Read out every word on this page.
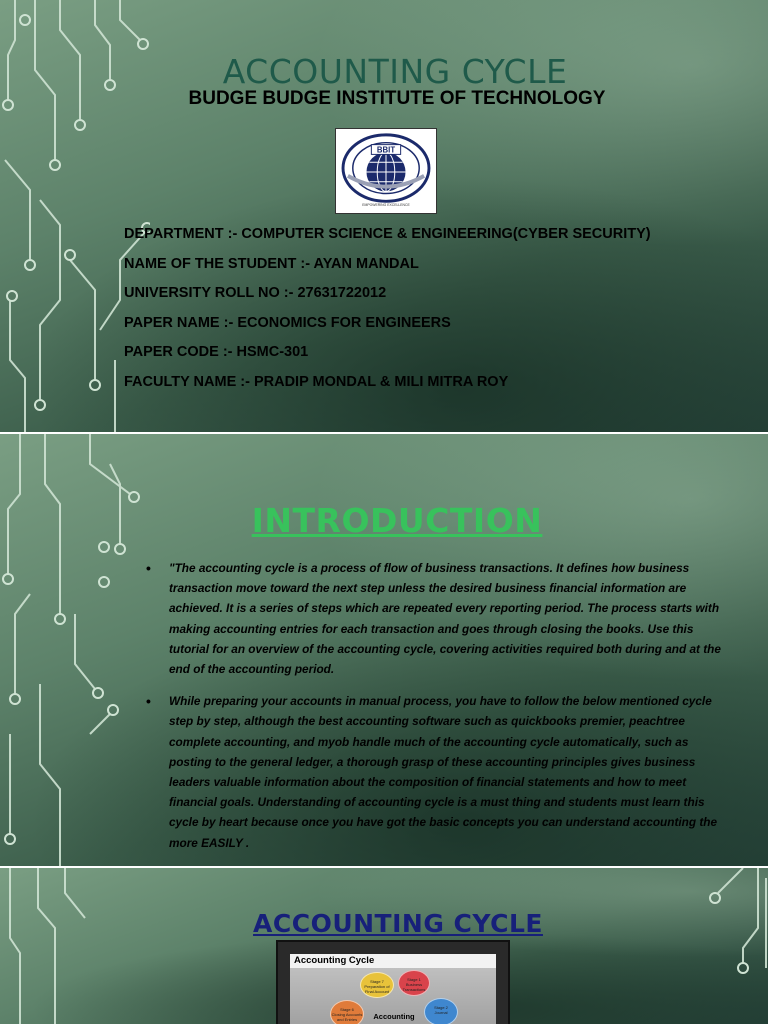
ACCOUNTING CYCLE
BUDGE BUDGE INSTITUTE OF TECHNOLOGY
BBIT
EMPOWERING EXCELLENCE
DEPARTMENT :- COMPUTER SCIENCE & ENGINEERING(CYBER SECURITY)
NAME OF THE STUDENT :- AYAN MANDAL
UNIVERSITY ROLL NO :- 27631722012
PAPER NAME :- ECONOMICS FOR ENGINEERS
PAPER CODE :- HSMC-301
FACULTY NAME :- PRADIP MONDAL & MILI MITRA ROY
INTRODUCTION
• "The accounting cycle is a process of flow of business transactions. It defines how business transaction move toward the next step unless the desired business financial information are achieved. It is a series of steps which are repeated every reporting period. The process starts with making accounting entries for each transaction and goes through closing the books. Use this tutorial for an overview of the accounting cycle, covering activities required both during and at the end of the accounting period.
• While preparing your accounts in manual process, you have to follow the below mentioned cycle step by step, although the best accounting software such as quickbooks premier, peachtree complete accounting, and myob handle much of the accounting cycle automatically, such as posting to the general ledger, a thorough grasp of these accounting principles gives business leaders valuable information about the composition of financial statements and how to meet financial goals. Understanding of accounting cycle is a must thing and students must learn this cycle by heart because once you have got the basic concepts you can understand accounting the more EASILY .
ACCOUNTING CYCLE
Accounting Cycle
Stage 7
Preparation of Final Account
Stage 1
Business Transactions
Stage 2
Journal
Stage 6
Closing Accounts and Entries	Accounting
